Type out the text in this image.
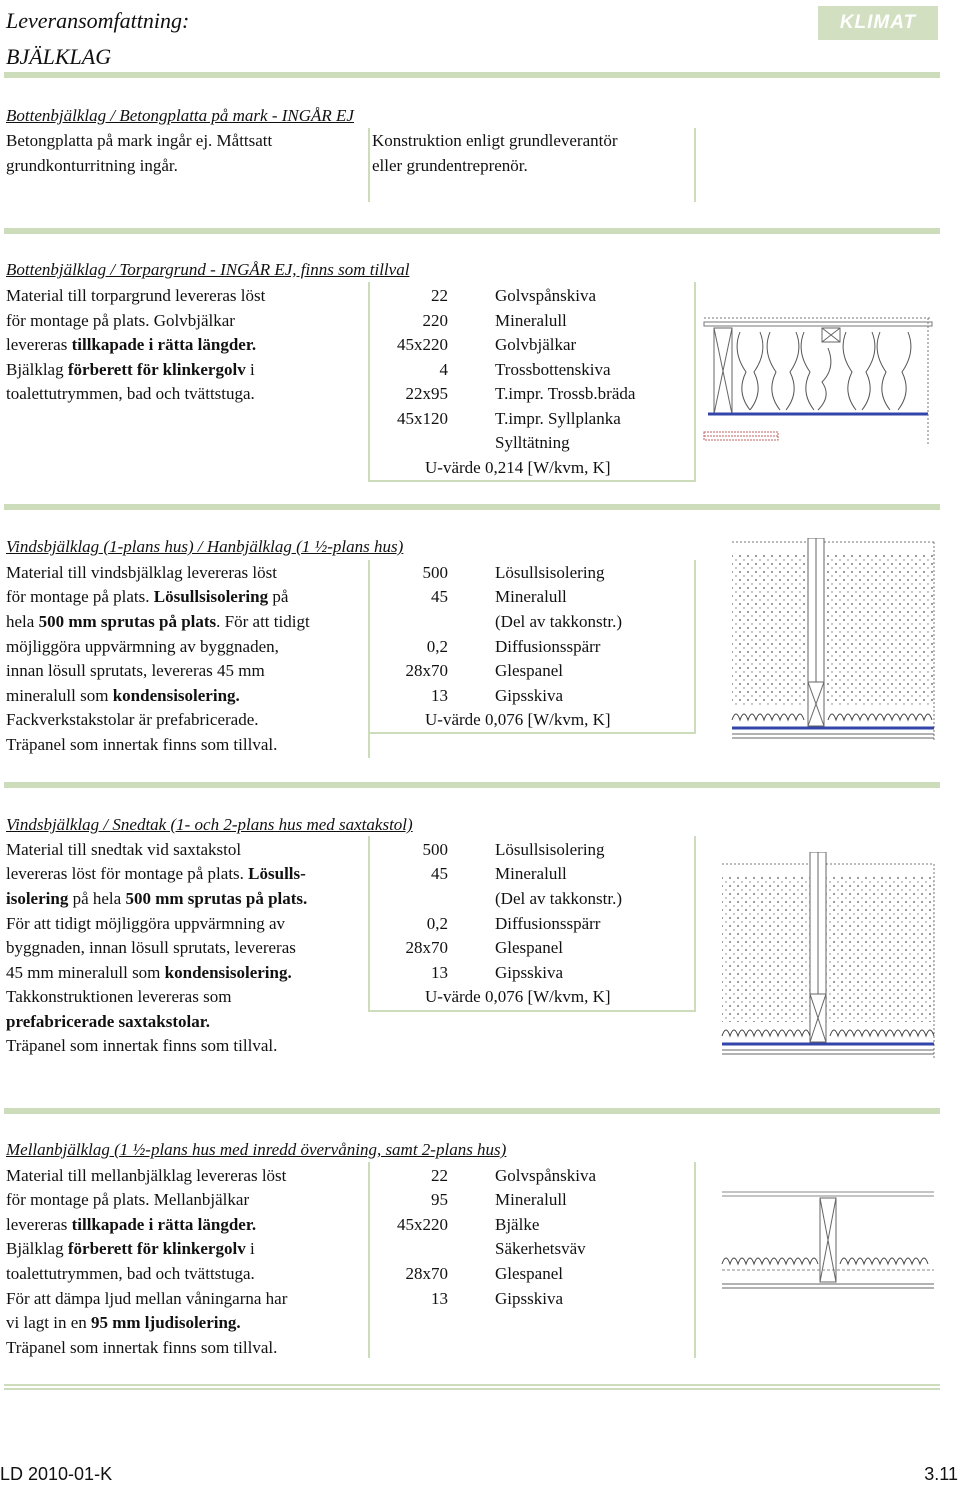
Leveransomfattning:
BJÄLKLAG
KLIMAT
Bottenbjälklag / Betongplatta på mark - INGÅR EJ
Betongplatta på mark ingår ej. Måttsatt
grundkonturritning ingår.
Konstruktion enligt grundleverantör
eller grundentreprenör.
Bottenbjälklag / Torpargrund - INGÅR EJ, finns som tillval
Material till torpargrund levereras löst
för montage på plats. Golvbjälkar
levereras tillkapade i rätta längder.
Bjälklag förberett för klinkergolv i
toalettutrymmen, bad och tvättstuga.
22
220
45x220
4
22x95
45x120
Golvspånskiva
Mineralull
Golvbjälkar
Trossbottenskiva
T.impr. Trossb.bräda
T.impr. Syllplanka
Sylltätning
U-värde 0,214 [W/kvm, K]
Vindsbjälklag (1-plans hus) / Hanbjälklag (1 ½-plans hus)
Material till vindsbjälklag levereras löst
för montage på plats. Lösullsisolering på
hela 500 mm sprutas på plats. För att tidigt
möjliggöra uppvärmning av byggnaden,
innan lösull sprutats, levereras 45 mm
mineralull som kondensisolering.
Fackverkstakstolar är prefabricerade.
Träpanel som innertak finns som tillval.
500
45
0,2
28x70
13
Lösullsisolering
Mineralull
(Del av takkonstr.)
Diffusionsspärr
Glespanel
Gipsskiva
U-värde 0,076 [W/kvm, K]
Vindsbjälklag / Snedtak (1- och 2-plans hus med saxtakstol)
Material till snedtak vid saxtakstol
levereras löst för montage på plats. Lösulls-
isolering på hela 500 mm sprutas på plats.
För att tidigt möjliggöra uppvärmning av
byggnaden, innan lösull sprutats, levereras
45 mm mineralull som kondensisolering.
Takkonstruktionen levereras som
prefabricerade saxtakstolar.
Träpanel som innertak finns som tillval.
500
45
0,2
28x70
13
Lösullsisolering
Mineralull
(Del av takkonstr.)
Diffusionsspärr
Glespanel
Gipsskiva
U-värde 0,076 [W/kvm, K]
Mellanbjälklag (1 ½-plans hus med inredd övervåning, samt 2-plans hus)
Material till mellanbjälklag levereras löst
för montage på plats. Mellanbjälkar
levereras tillkapade i rätta längder.
Bjälklag förberett för klinkergolv i
toalettutrymmen, bad och tvättstuga.
För att dämpa ljud mellan våningarna har
vi lagt in en 95 mm ljudisolering.
Träpanel som innertak finns som tillval.
22
95
45x220
28x70
13
Golvspånskiva
Mineralull
Bjälke
Säkerhetsväv
Glespanel
Gipsskiva
LD 2010-01-K	3.11
